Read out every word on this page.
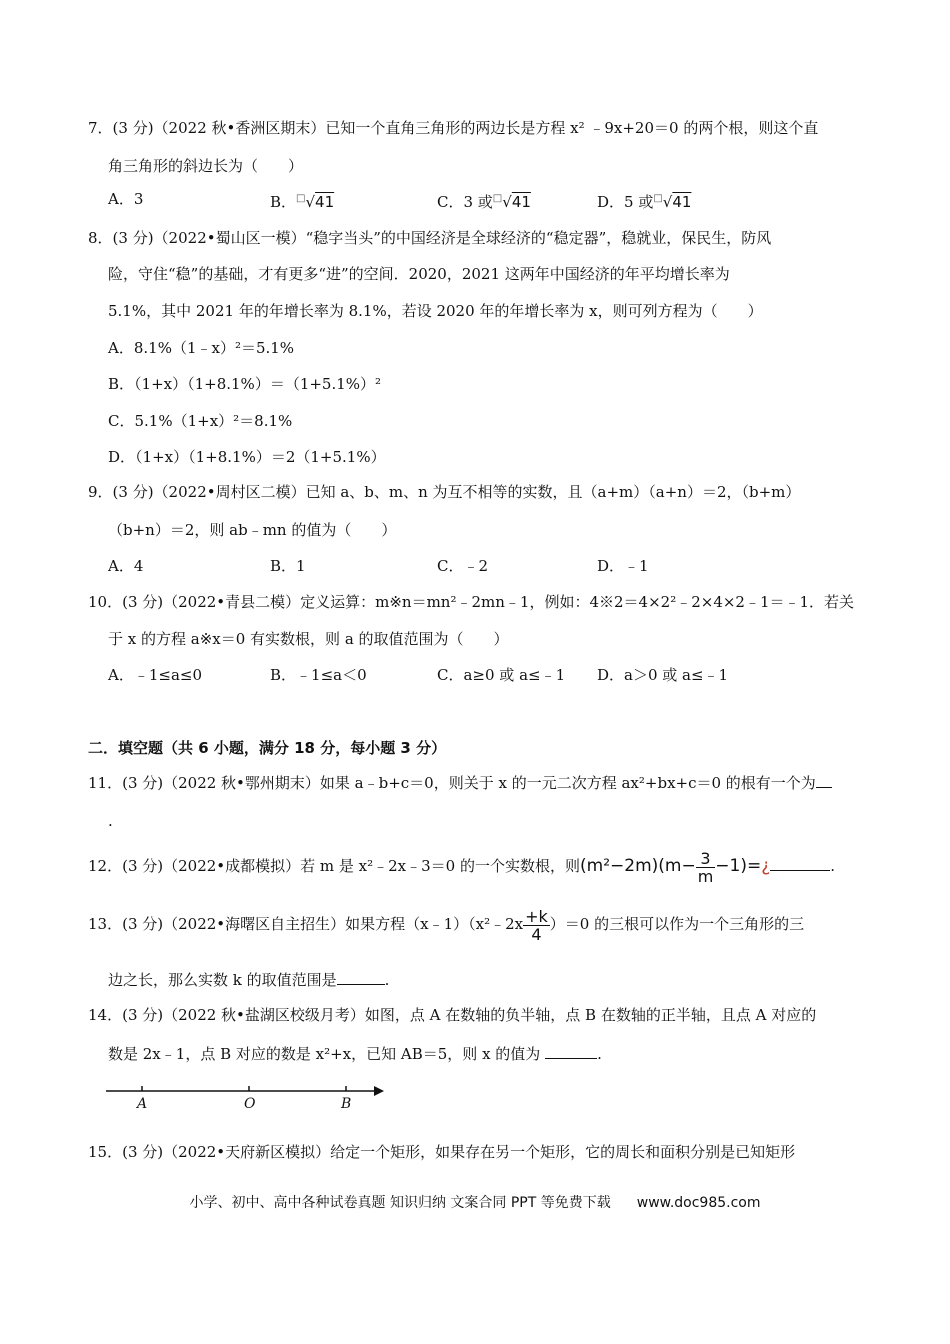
7．(3 分)（2022 秋•香洲区期末）已知一个直角三角形的两边长是方程 x² ﹣9x+20＝0 的两个根，则这个直
角三角形的斜边长为（　　）
A．3	B．□√41	C．3 或□√41	D．5 或□√41
8．(3 分)（2022•蜀山区一模）“稳字当头”的中国经济是全球经济的“稳定器”，稳就业，保民生，防风
险，守住“稳”的基础，才有更多“进”的空间．2020，2021 这两年中国经济的年平均增长率为
5.1%，其中 2021 年的年增长率为 8.1%，若设 2020 年的年增长率为 x，则可列方程为（　　）
A．8.1%（1﹣x）²＝5.1%
B．（1+x）（1+8.1%）＝（1+5.1%）²
C．5.1%（1+x）²＝8.1%
D．（1+x）（1+8.1%）＝2（1+5.1%）
9．(3 分)（2022•周村区二模）已知 a、b、m、n 为互不相等的实数，且（a+m）（a+n）＝2，（b+m）
（b+n）＝2，则 ab﹣mn 的值为（　　）
A．4	B．1	C．﹣2	D．﹣1
10．(3 分)（2022•青县二模）定义运算：m※n＝mn²﹣2mn﹣1，例如：4※2＝4×2²﹣2×4×2﹣1＝﹣1．若关
于 x 的方程 a※x＝0 有实数根，则 a 的取值范围为（　　）
A．﹣1≤a≤0	B．﹣1≤a＜0	C．a≥0 或 a≤﹣1 D．a＞0 或 a≤﹣1
二．填空题（共 6 小题，满分 18 分，每小题 3 分）
11．(3 分)（2022 秋•鄂州期末）如果 a﹣b+c＝0，则关于 x 的一元二次方程 ax²+bx+c＝0 的根有一个为
.
12．(3 分)（2022•成都模拟）若 m 是 x²﹣2x﹣3＝0 的一个实数根，则$(m^2-2m)(m- \frac{3}{m}$ −1)=¿	.
13．(3 分)（2022•海曙区自主招生）如果方程（x﹣1）（x²﹣2x $\frac{+k}{4} )=0$ 的三根可以作为一个三角形的三
边之长，那么实数 k 的取值范围是	.
14．(3 分)（2022 秋•盐湖区校级月考）如图，点 A 在数轴的负半轴，点 B 在数轴的正半轴，且点 A 对应的
数是 2x﹣1，点 B 对应的数是 x²+x，已知 AB＝5，则 x 的值为	.
A	O	B
15．(3 分)（2022•天府新区模拟）给定一个矩形，如果存在另一个矩形，它的周长和面积分别是已知矩形
小学、初中、高中各种试卷真题 知识归纳 文案合同 PPT 等免费下载 www.doc985.com
